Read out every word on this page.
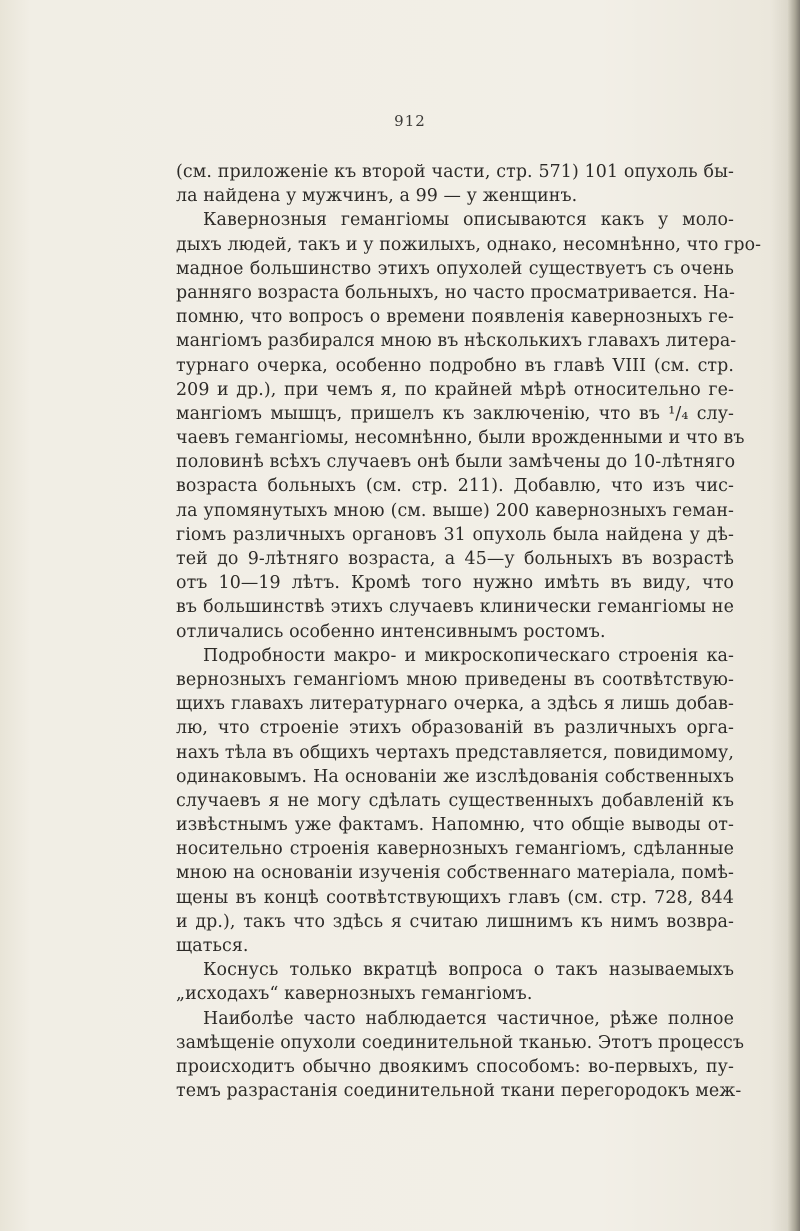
912
(см. приложеніе къ второй части, стр. 571) 101 опухоль бы-
ла найдена у мужчинъ, а 99 — у женщинъ.
Кавернозныя гемангіомы описываются какъ у моло-
дыхъ людей, такъ и у пожилыхъ, однако, несомнѣнно, что гро-
мадное большинство этихъ опухолей существуетъ съ очень
ранняго возраста больныхъ, но часто просматривается. На-
помню, что вопросъ о времени появленія кавернозныхъ ге-
мангіомъ разбирался мною въ нѣсколькихъ главахъ литера-
турнаго очерка, особенно подробно въ главѣ VIII (см. стр.
209 и др.), при чемъ я, по крайней мѣрѣ относительно ге-
мангіомъ мышцъ, пришелъ къ заключенію, что въ ¹/₄ слу-
чаевъ гемангіомы, несомнѣнно, были врожденными и что въ
половинѣ всѣхъ случаевъ онѣ были замѣчены до 10-лѣтняго
возраста больныхъ (см. стр. 211). Добавлю, что изъ чис-
ла упомянутыхъ мною (см. выше) 200 кавернозныхъ геман-
гіомъ различныхъ органовъ 31 опухоль была найдена у дѣ-
тей до 9-лѣтняго возраста, а 45—у больныхъ въ возрастѣ
отъ 10—19 лѣтъ. Кромѣ того нужно имѣть въ виду, что
въ большинствѣ этихъ случаевъ клинически гемангіомы не
отличались особенно интенсивнымъ ростомъ.
Подробности макро- и микроскопическаго строенія ка-
вернозныхъ гемангіомъ мною приведены въ соотвѣтствую-
щихъ главахъ литературнаго очерка, а здѣсь я лишь добав-
лю, что строеніе этихъ образованій въ различныхъ орга-
нахъ тѣла въ общихъ чертахъ представляется, повидимому,
одинаковымъ. На основаніи же изслѣдованія собственныхъ
случаевъ я не могу сдѣлать существенныхъ добавленій къ
извѣстнымъ уже фактамъ. Напомню, что общіе выводы от-
носительно строенія кавернозныхъ гемангіомъ, сдѣланные
мною на основаніи изученія собственнаго матеріала, помѣ-
щены въ концѣ соотвѣтствующихъ главъ (см. стр. 728, 844
и др.), такъ что здѣсь я считаю лишнимъ къ нимъ возвра-
щаться.
Коснусь только вкратцѣ вопроса о такъ называемыхъ
„исходахъ“ кавернозныхъ гемангіомъ.
Наиболѣе часто наблюдается частичное, рѣже полное
замѣщеніе опухоли соединительной тканью. Этотъ процессъ
происходитъ обычно двоякимъ способомъ: во-первыхъ, пу-
темъ разрастанія соединительной ткани перегородокъ меж-
